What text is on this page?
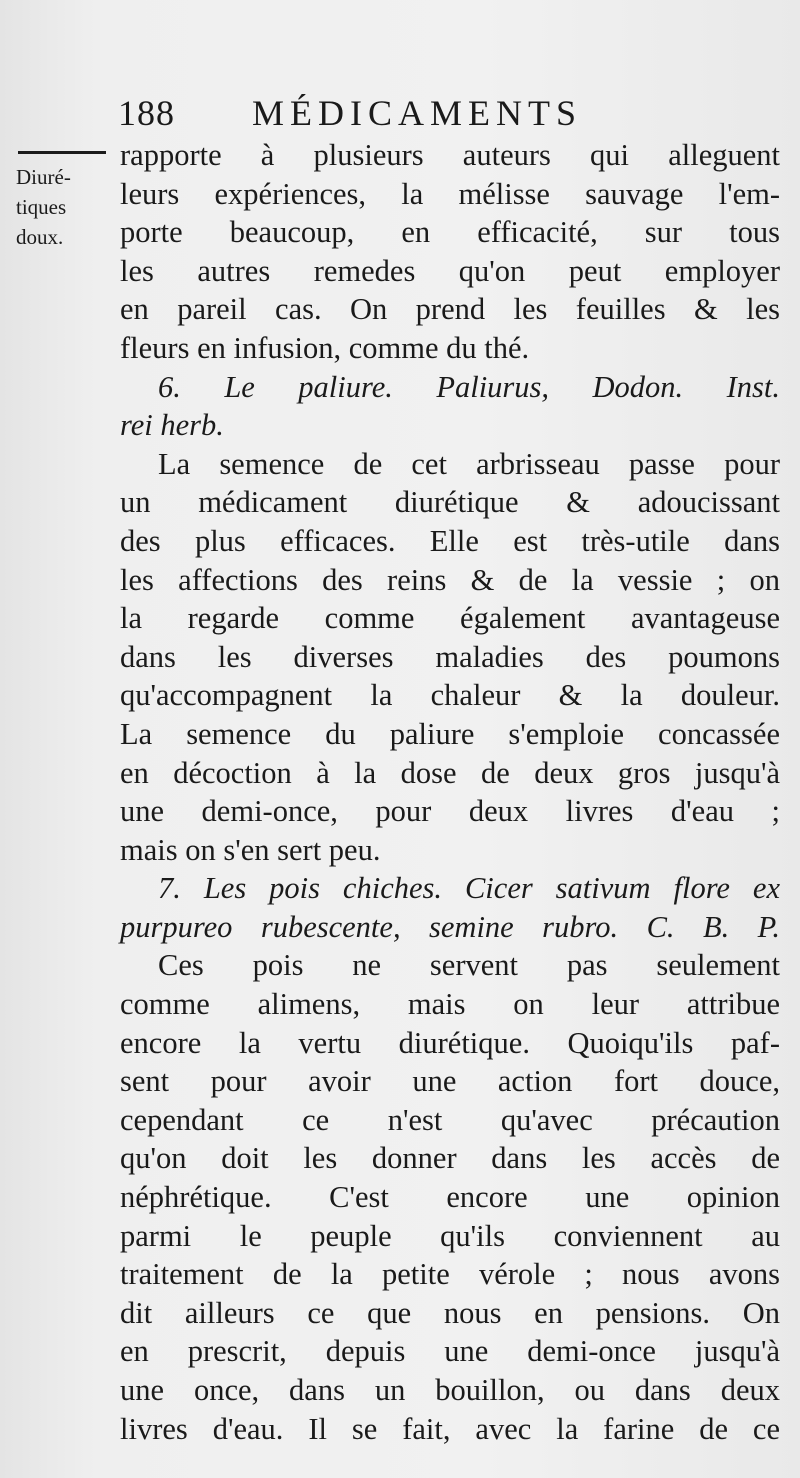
188 MÉDICAMENTS
Diuré-
tiques
doux.
rapporte à plusieurs auteurs qui alleguent
leurs expériences, la mélisse sauvage l'em-
porte beaucoup, en efficacité, sur tous
les autres remedes qu'on peut employer
en pareil cas. On prend les feuilles & les
fleurs en infusion, comme du thé.
6. Le paliure. Paliurus, Dodon. Inst.
rei herb.
La semence de cet arbrisseau passe pour
un médicament diurétique & adoucissant
des plus efficaces. Elle est très-utile dans
les affections des reins & de la vessie ; on
la regarde comme également avantageuse
dans les diverses maladies des poumons
qu'accompagnent la chaleur & la douleur.
La semence du paliure s'emploie concassée
en décoction à la dose de deux gros jusqu'à
une demi-once, pour deux livres d'eau ;
mais on s'en sert peu.
7. Les pois chiches. Cicer sativum flore ex
purpureo rubescente, semine rubro. C. B. P.
Ces pois ne servent pas seulement
comme alimens, mais on leur attribue
encore la vertu diurétique. Quoiqu'ils paf-
sent pour avoir une action fort douce,
cependant ce n'est qu'avec précaution
qu'on doit les donner dans les accès de
néphrétique. C'est encore une opinion
parmi le peuple qu'ils conviennent au
traitement de la petite vérole ; nous avons
dit ailleurs ce que nous en pensions. On
en prescrit, depuis une demi-once jusqu'à
une once, dans un bouillon, ou dans deux
livres d'eau. Il se fait, avec la farine de ce
